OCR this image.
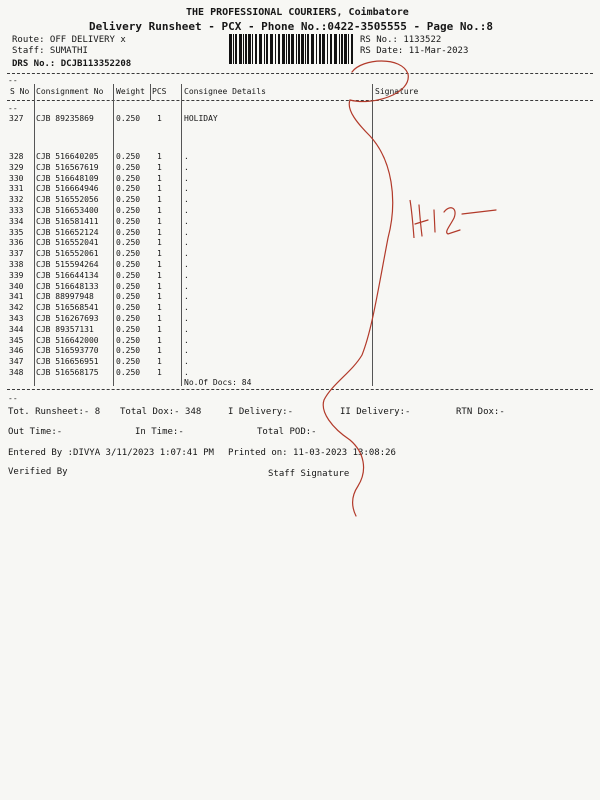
THE PROFESSIONAL COURIERS, Coimbatore
Delivery Runsheet - PCX - Phone No.:0422-3505555 - Page No.:8
Route: OFF DELIVERY x
Staff: SUMATHI
DRS No.: DCJB113352208
RS No.: 1133522
RS Date: 11-Mar-2023
--
S No Consignment No Weight PCS Consignee Details	Signature
--
327 CJB 89235869	0.250 1	HOLIDAY
328 CJB 516640205 0.250 1	.
329 CJB 516567619 0.250 1	.
330 CJB 516648109 0.250 1	.
331 CJB 516664946 0.250 1	.
332 CJB 516552056 0.250 1	.
333 CJB 516653400 0.250 1	.
334 CJB 516581411 0.250 1	.
335 CJB 516652124 0.250 1	.
336 CJB 516552041 0.250 1	.
337 CJB 516552061 0.250 1	.
338 CJB 515594264 0.250 1	.
339 CJB 516644134 0.250 1	.
340 CJB 516648133 0.250 1	.
341 CJB 88997948	0.250 1	.
342 CJB 516568541 0.250 1	.
343 CJB 516267693 0.250 1	.
344 CJB 89357131	0.250 1	.
345 CJB 516642000 0.250 1	.
346 CJB 516593770 0.250 1	.
347 CJB 516656951 0.250 1	.
348 CJB 516568175 0.250 1	.
No.Of Docs: 84
--
Tot. Runsheet:- 8 Total Dox:- 348	I Delivery:-	II Delivery:-	RTN Dox:-
Out Time:-	In Time:-	Total POD:-
Entered By :DIVYA 3/11/2023 1:07:41 PM Printed on: 11-03-2023 13:08:26
Verified By	Staff Signature
